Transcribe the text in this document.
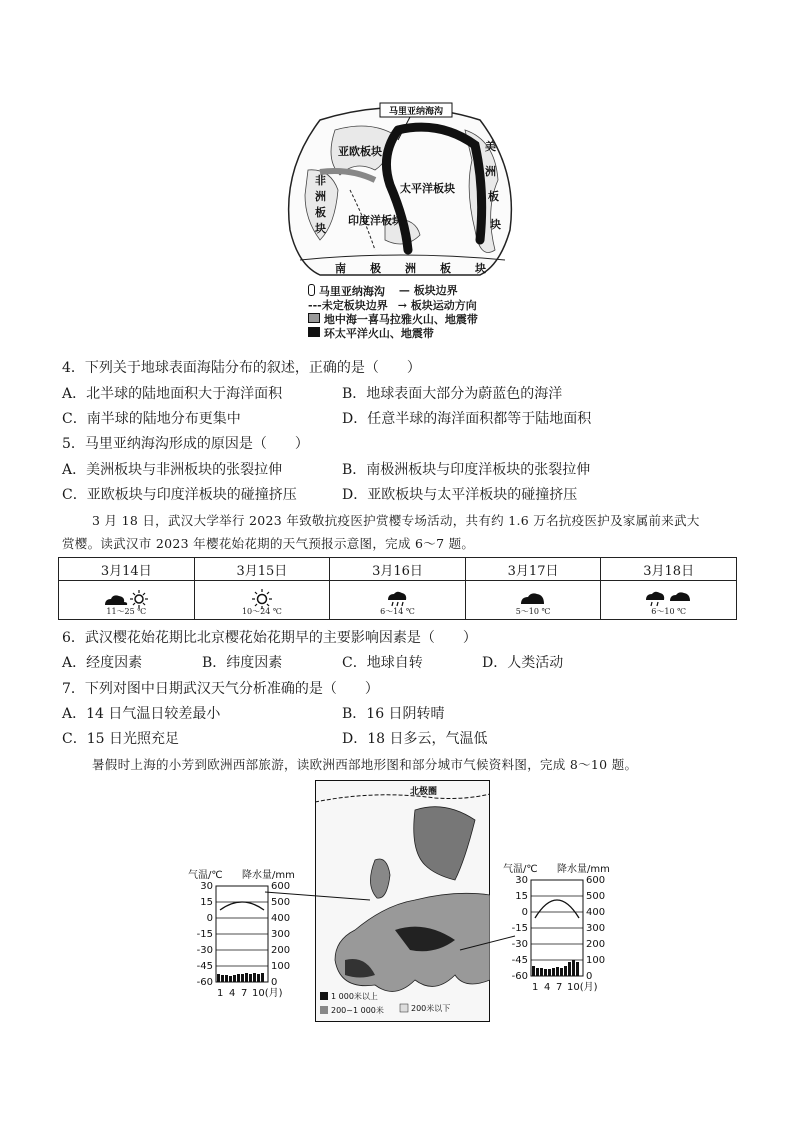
马里亚纳海沟
亚欧板块
太平洋板块
印度洋板块
非
洲
板
块
美
洲
板
块
南 极 洲 板 块
马里亚纳海沟 — 板块边界
---未定板块边界 → 板块运动方向
地中海一喜马拉雅火山、地震带
环太平洋火山、地震带
4．下列关于地球表面海陆分布的叙述，正确的是（　　）
A．北半球的陆地面积大于海洋面积	B．地球表面大部分为蔚蓝色的海洋
C．南半球的陆地分布更集中	D．任意半球的海洋面积都等于陆地面积
5．马里亚纳海沟形成的原因是（　　）
A．美洲板块与非洲板块的张裂拉伸	B．南极洲板块与印度洋板块的张裂拉伸
C．亚欧板块与印度洋板块的碰撞挤压	D．亚欧板块与太平洋板块的碰撞挤压
3 月 18 日，武汉大学举行 2023 年致敬抗疫医护赏樱专场活动，共有约 1.6 万名抗疫医护及家属前来武大
赏樱。读武汉市 2023 年樱花始花期的天气预报示意图，完成 6～7 题。
3月14日	3月15日	3月16日	3月17日	3月18日

11～25 ℃	10～24 ℃	6～14 ℃	5～10 ℃	6～10 ℃
6．武汉樱花始花期比北京樱花始花期早的主要影响因素是（　　）
A．经度因素	B．纬度因素	C．地球自转	D．人类活动
7．下列对图中日期武汉天气分析准确的是（　　）
A．14 日气温日较差最小	B．16 日阴转晴
C．15 日光照充足	D．18 日多云，气温低
暑假时上海的小芳到欧洲西部旅游，读欧洲西部地形图和部分城市气候资料图，完成 8～10 题。
北极圈
1 000米以上
200~1 000米	200米以下
气温/℃ 降水量/mm
30
15
0
-15
-30
-45
-60
600
500
400
300
200
100
0
1 4 7 10(月)
气温/℃ 降水量/mm
30
15
0
-15
-30
-45
-60
600
500
400
300
200
100
0
1 4 7 10(月)
